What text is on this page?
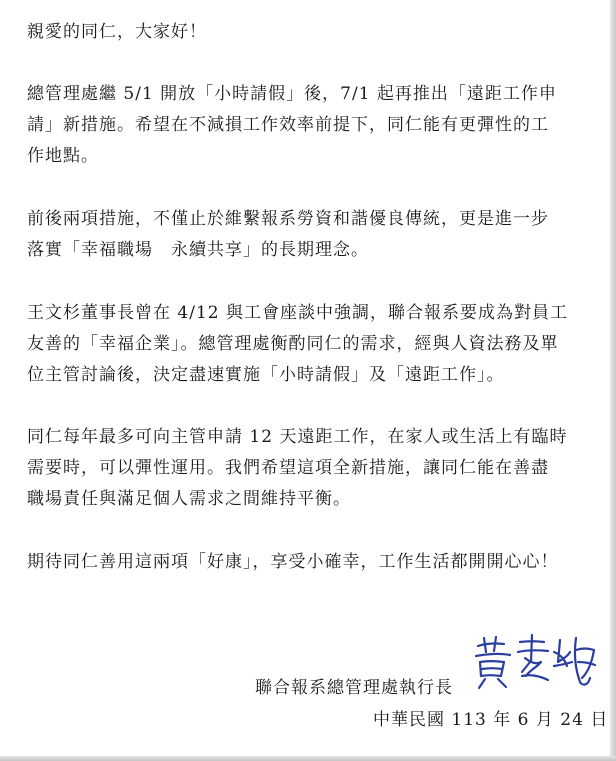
親愛的同仁，大家好！

總管理處繼 5/1 開放「小時請假」後，7/1 起再推出「遠距工作申
請」新措施。希望在不減損工作效率前提下，同仁能有更彈性的工
作地點。

前後兩項措施，不僅止於維繫報系勞資和諧優良傳統，更是進一步
落實「幸福職場　永續共享」的長期理念。

王文杉董事長曾在 4/12 與工會座談中強調，聯合報系要成為對員工
友善的「幸福企業」。總管理處衡酌同仁的需求，經與人資法務及單
位主管討論後，決定盡速實施「小時請假」及「遠距工作」。

同仁每年最多可向主管申請 12 天遠距工作，在家人或生活上有臨時
需要時，可以彈性運用。我們希望這項全新措施，讓同仁能在善盡
職場責任與滿足個人需求之間維持平衡。

期待同仁善用這兩項「好康」，享受小確幸，工作生活都開開心心！

聯合報系總管理處執行長
中華民國 113 年 6 月 24 日
